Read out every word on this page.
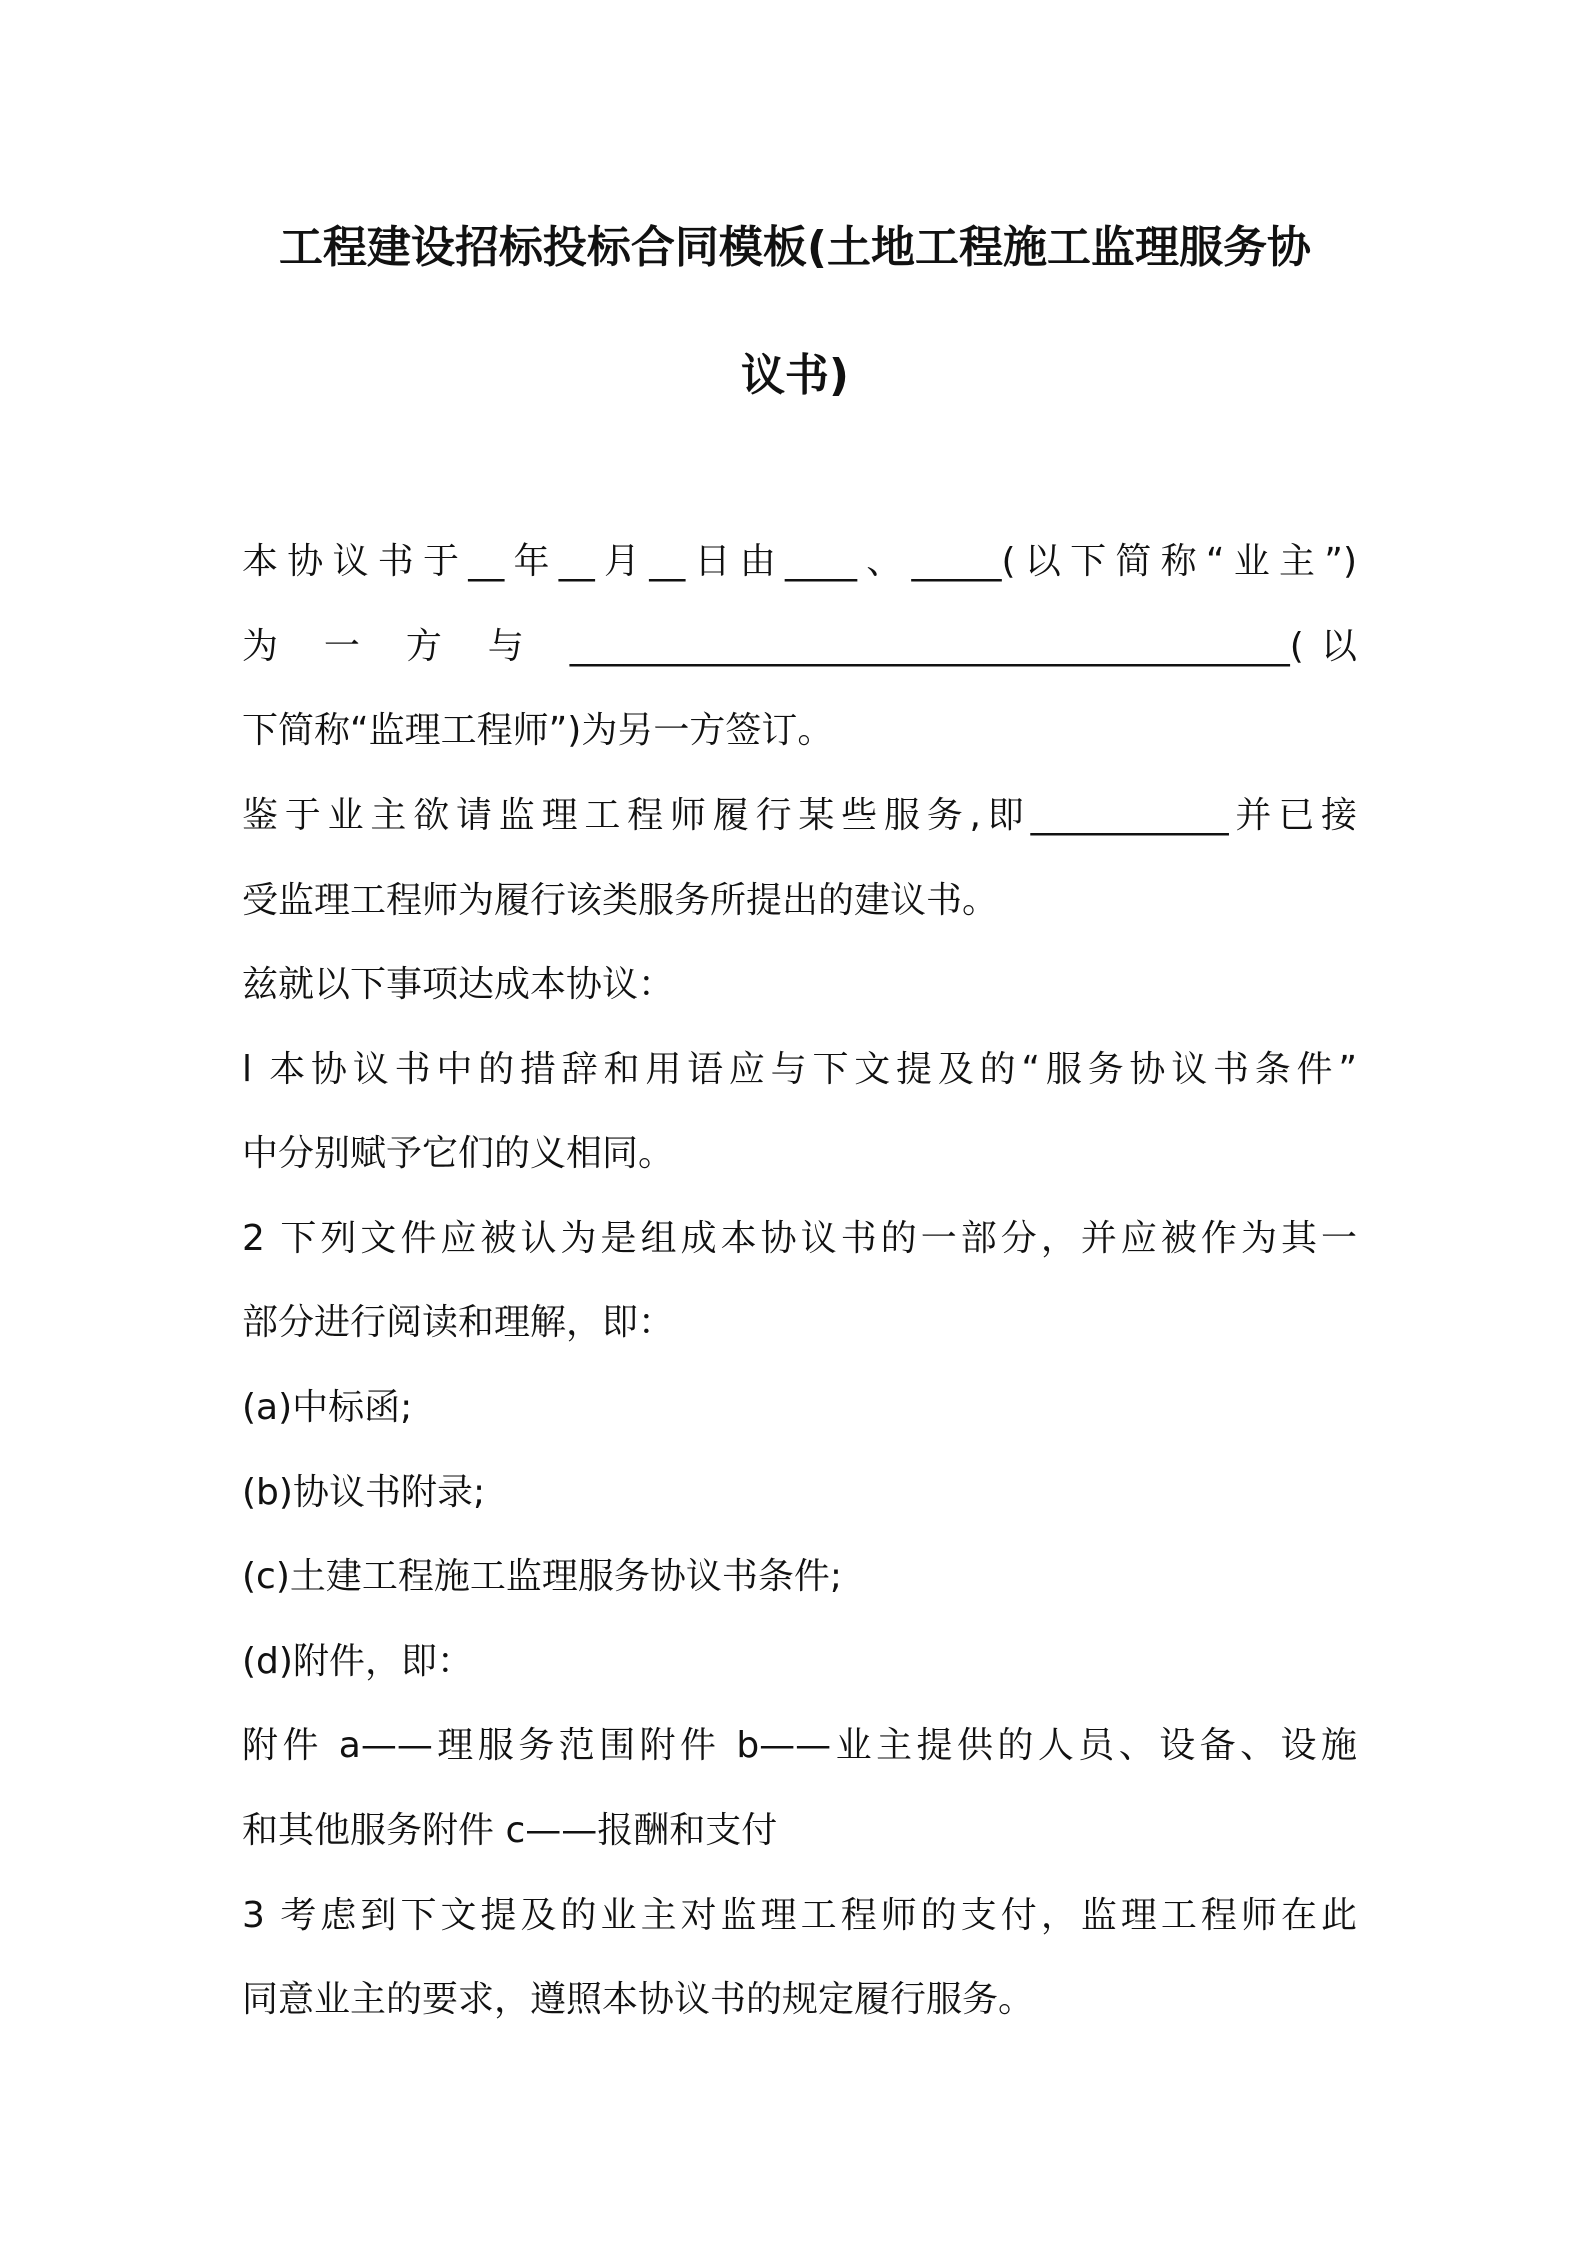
工程建设招标投标合同模板(土地工程施工监理服务协
议书)
本协议书于__年__月__日由____、_____(以下简称“业主”)
为 一 方 与 ________________________________________(以
下简称“监理工程师”)为另一方签订。
鉴于业主欲请监理工程师履行某些服务,即___________并已接
受监理工程师为履行该类服务所提出的建议书。
兹就以下事项达成本协议：
l 本协议书中的措辞和用语应与下文提及的“服务协议书条件”
中分别赋予它们的义相同。
2 下列文件应被认为是组成本协议书的一部分，并应被作为其一
部分进行阅读和理解，即：
(a)中标函;
(b)协议书附录;
(c)土建工程施工监理服务协议书条件;
(d)附件，即：
附件 a——理服务范围附件 b——业主提供的人员、设备、设施
和其他服务附件 c——报酬和支付
3 考虑到下文提及的业主对监理工程师的支付，监理工程师在此
同意业主的要求，遵照本协议书的规定履行服务。
